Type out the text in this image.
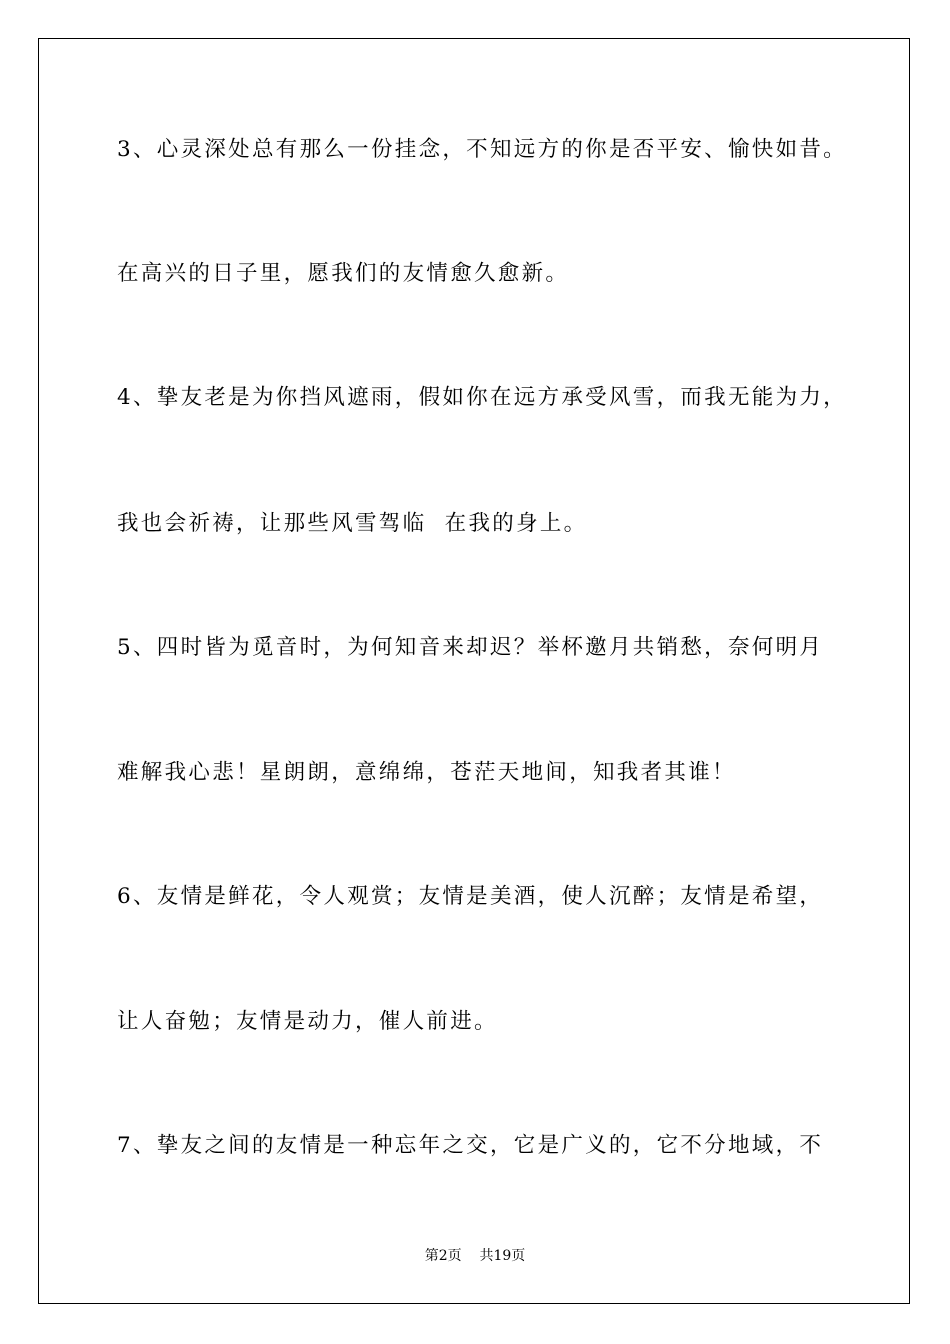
3、心灵深处总有那么一份挂念，不知远方的你是否平安、愉快如昔。
在高兴的日子里，愿我们的友情愈久愈新。
4、挚友老是为你挡风遮雨，假如你在远方承受风雪，而我无能为力，
我也会祈祷，让那些风雪驾临  在我的身上。
5、四时皆为觅音时，为何知音来却迟？举杯邀月共销愁，奈何明月
难解我心悲！星朗朗，意绵绵，苍茫天地间，知我者其谁！
6、友情是鲜花，令人观赏；友情是美酒，使人沉醉；友情是希望，
让人奋勉；友情是动力，催人前进。
7、挚友之间的友情是一种忘年之交，它是广义的，它不分地域，不
第2页    共19页
